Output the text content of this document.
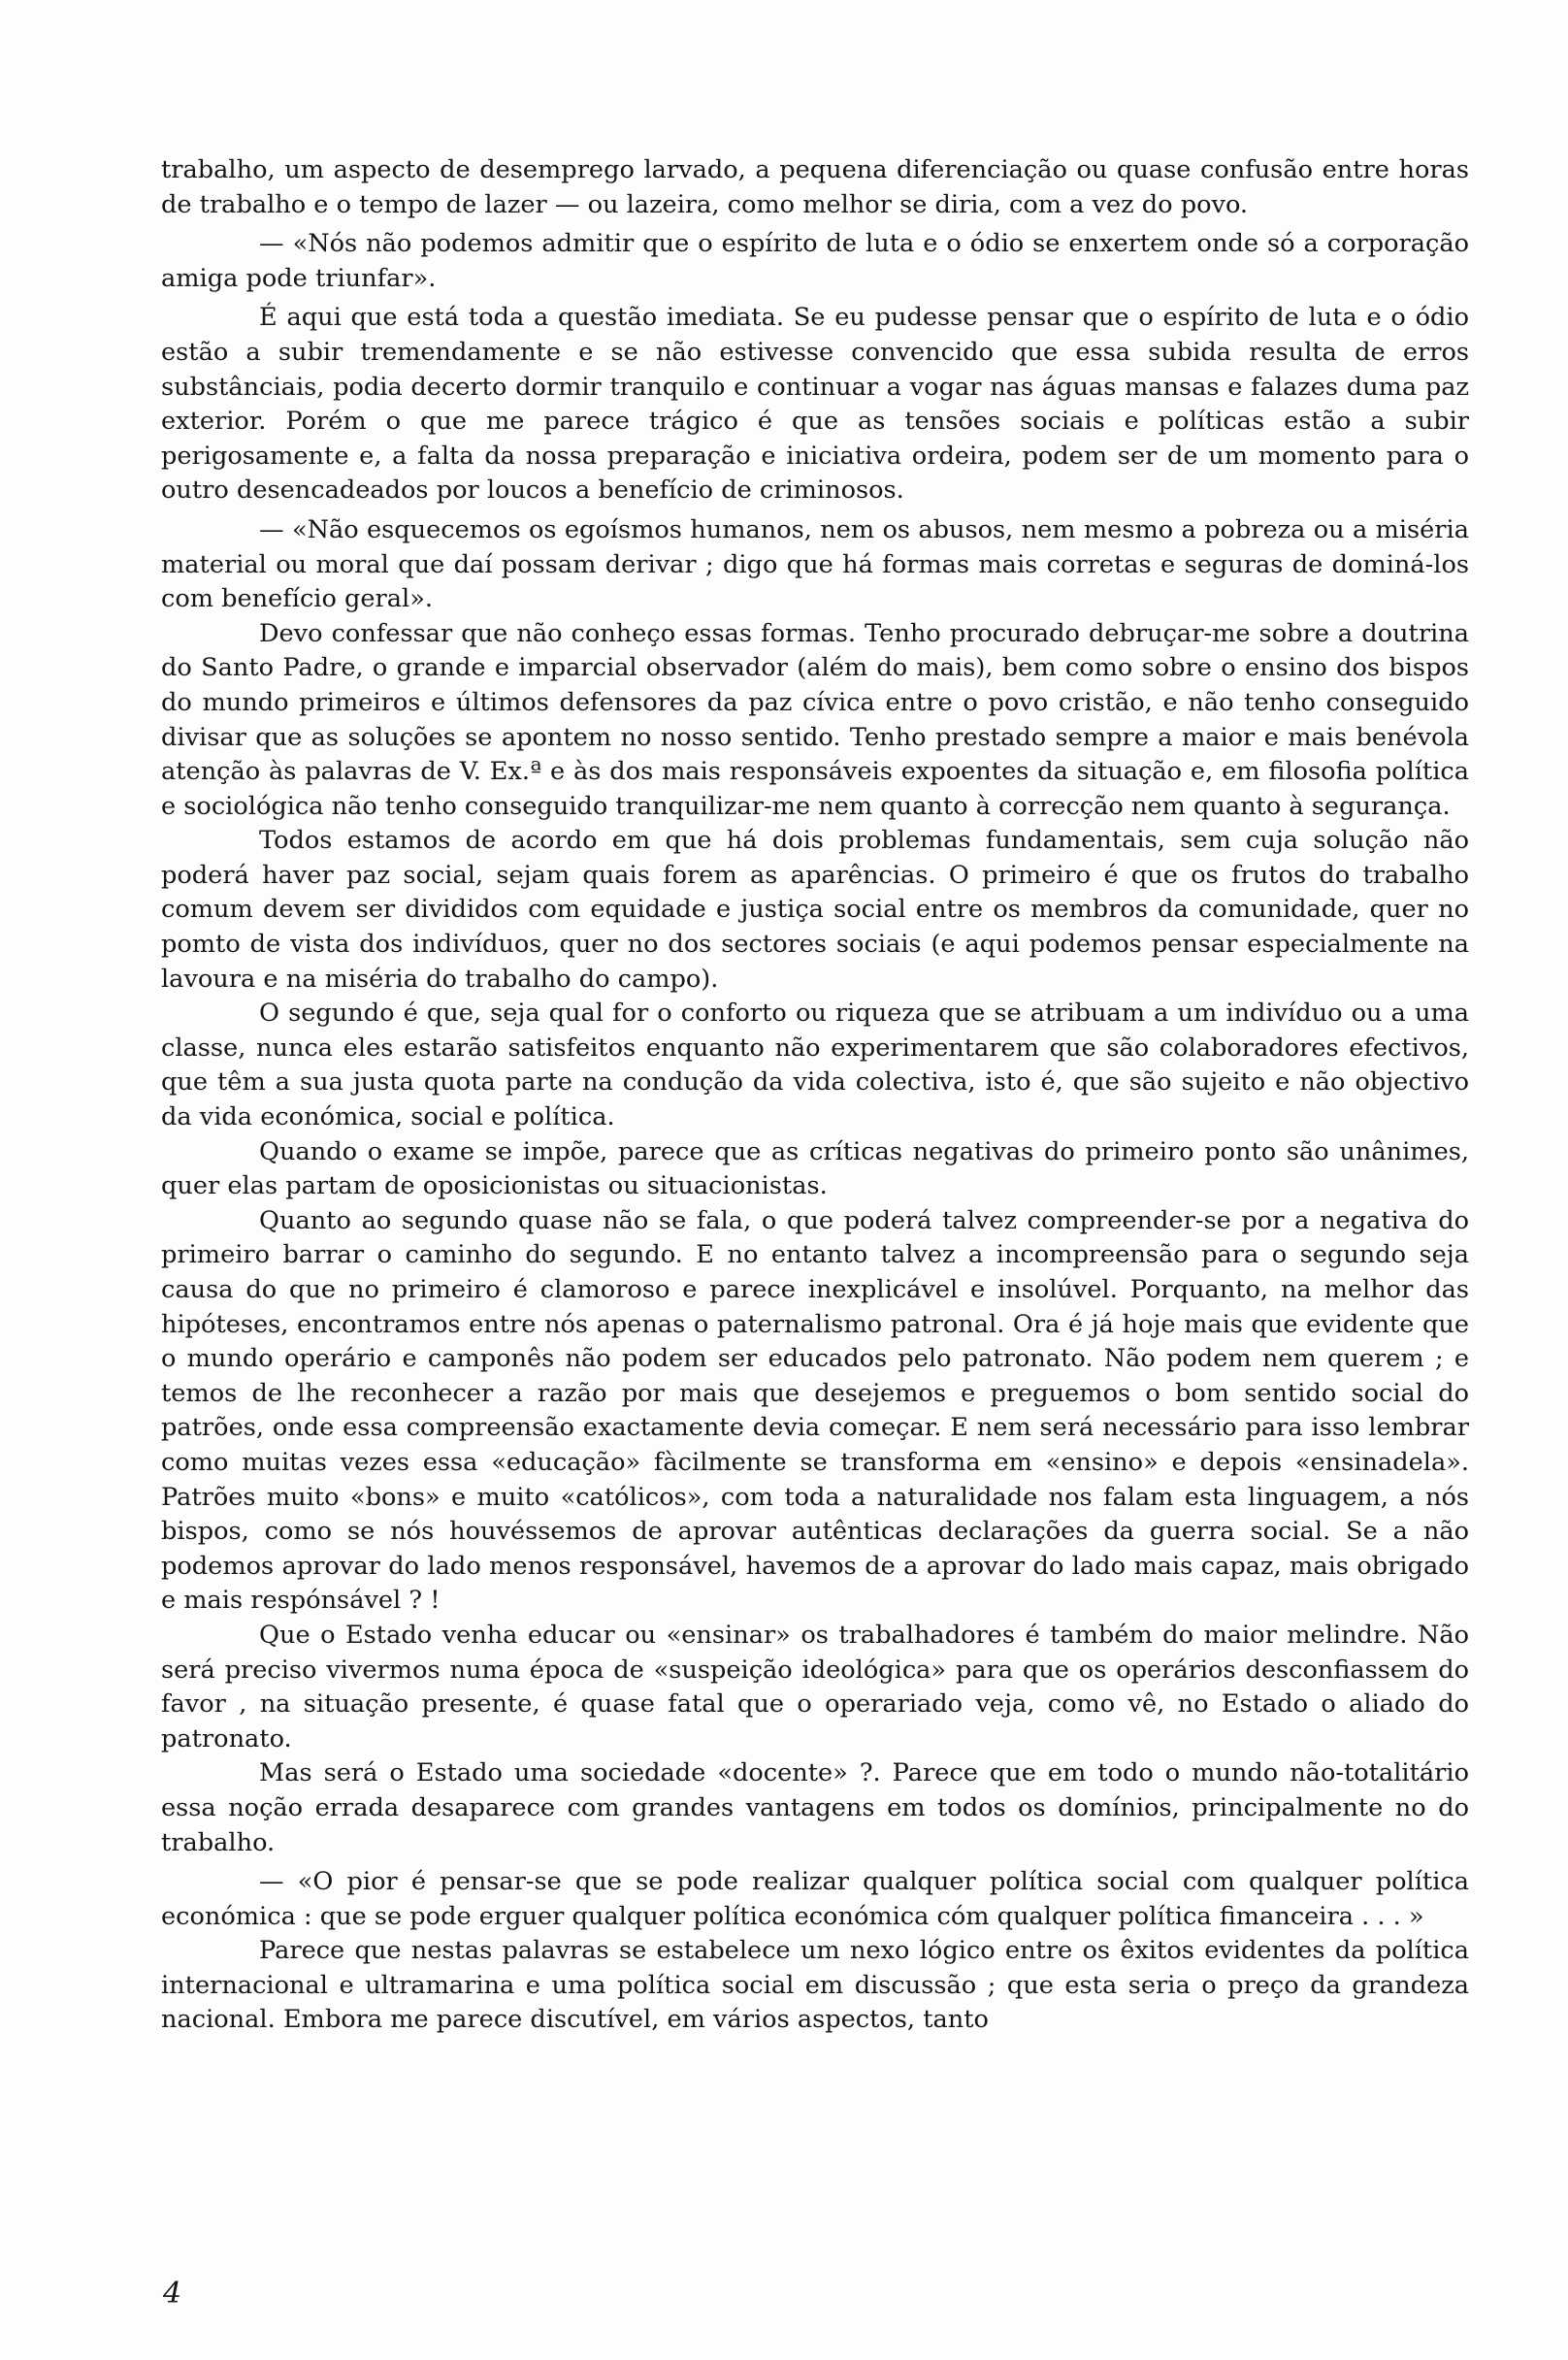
trabalho, um aspecto de desemprego larvado, a pequena diferenciação ou quase confusão entre horas de trabalho e o tempo de lazer — ou lazeira, como melhor se diria, com a vez do povo.

— «Nós não podemos admitir que o espírito de luta e o ódio se enxertem onde só a corporação amiga pode triunfar».

É aqui que está toda a questão imediata. Se eu pudesse pensar que o espírito de luta e o ódio estão a subir tremendamente e se não estivesse convencido que essa subida resulta de erros substânciais, podia decerto dormir tranquilo e continuar a vogar nas águas mansas e falazes duma paz exterior. Porém o que me parece trágico é que as tensões sociais e políticas estão a subir perigosamente e, a falta da nossa preparação e iniciativa ordeira, podem ser de um momento para o outro desencadeados por loucos a benefício de criminosos.

— «Não esquecemos os egoísmos humanos, nem os abusos, nem mesmo a pobreza ou a miséria material ou moral que daí possam derivar ; digo que há formas mais corretas e seguras de dominá-los com benefício geral».

Devo confessar que não conheço essas formas. Tenho procurado debruçar-me sobre a doutrina do Santo Padre, o grande e imparcial observador (além do mais), bem como sobre o ensino dos bispos do mundo primeiros e últimos defensores da paz cívica entre o povo cristão, e não tenho conseguido divisar que as soluções se apontem no nosso sentido. Tenho prestado sempre a maior e mais benévola atenção às palavras de V. Ex.ª e às dos mais responsáveis expoentes da situação e, em filosofia política e sociológica não tenho conseguido tranquilizar-me nem quanto à correcção nem quanto à segurança.

Todos estamos de acordo em que há dois problemas fundamentais, sem cuja solução não poderá haver paz social, sejam quais forem as aparências. O primeiro é que os frutos do trabalho comum devem ser divididos com equidade e justiça social entre os membros da comunidade, quer no pomto de vista dos indivíduos, quer no dos sectores sociais (e aqui podemos pensar especialmente na lavoura e na miséria do trabalho do campo).

O segundo é que, seja qual for o conforto ou riqueza que se atribuam a um indivíduo ou a uma classe, nunca eles estarão satisfeitos enquanto não experimentarem que são colaboradores efectivos, que têm a sua justa quota parte na condução da vida colectiva, isto é, que são sujeito e não objectivo da vida económica, social e política.

Quando o exame se impõe, parece que as críticas negativas do primeiro ponto são unânimes, quer elas partam de oposicionistas ou situacionistas.

Quanto ao segundo quase não se fala, o que poderá talvez compreender-se por a negativa do primeiro barrar o caminho do segundo. E no entanto talvez a incompreensão para o segundo seja causa do que no primeiro é clamoroso e parece inexplicável e insolúvel. Porquanto, na melhor das hipóteses, encontramos entre nós apenas o paternalismo patronal. Ora é já hoje mais que evidente que o mundo operário e camponês não podem ser educados pelo patronato. Não podem nem querem ; e temos de lhe reconhecer a razão por mais que desejemos e preguemos o bom sentido social do patrões, onde essa compreensão exactamente devia começar. E nem será necessário para isso lembrar como muitas vezes essa «educação» fàcilmente se transforma em «ensino» e depois «ensinadela». Patrões muito «bons» e muito «católicos», com toda a naturalidade nos falam esta linguagem, a nós bispos, como se nós houvéssemos de aprovar autênticas declarações da guerra social. Se a não podemos aprovar do lado menos responsável, havemos de a aprovar do lado mais capaz, mais obrigado e mais respónsável ? !

Que o Estado venha educar ou «ensinar» os trabalhadores é também do maior melindre. Não será preciso vivermos numa época de «suspeição ideológica» para que os operários desconfiassem do favor , na situação presente, é quase fatal que o operariado veja, como vê, no Estado o aliado do patronato.

Mas será o Estado uma sociedade «docente» ?. Parece que em todo o mundo não-totalitário essa noção errada desaparece com grandes vantagens em todos os domínios, principalmente no do trabalho.

— «O pior é pensar-se que se pode realizar qualquer política social com qualquer política económica : que se pode erguer qualquer política económica cóm qualquer política fimanceira . . . »

Parece que nestas palavras se estabelece um nexo lógico entre os êxitos evidentes da política internacional e ultramarina e uma política social em discussão ; que esta seria o preço da grandeza nacional. Embora me parece discutível, em vários aspectos, tanto

4
